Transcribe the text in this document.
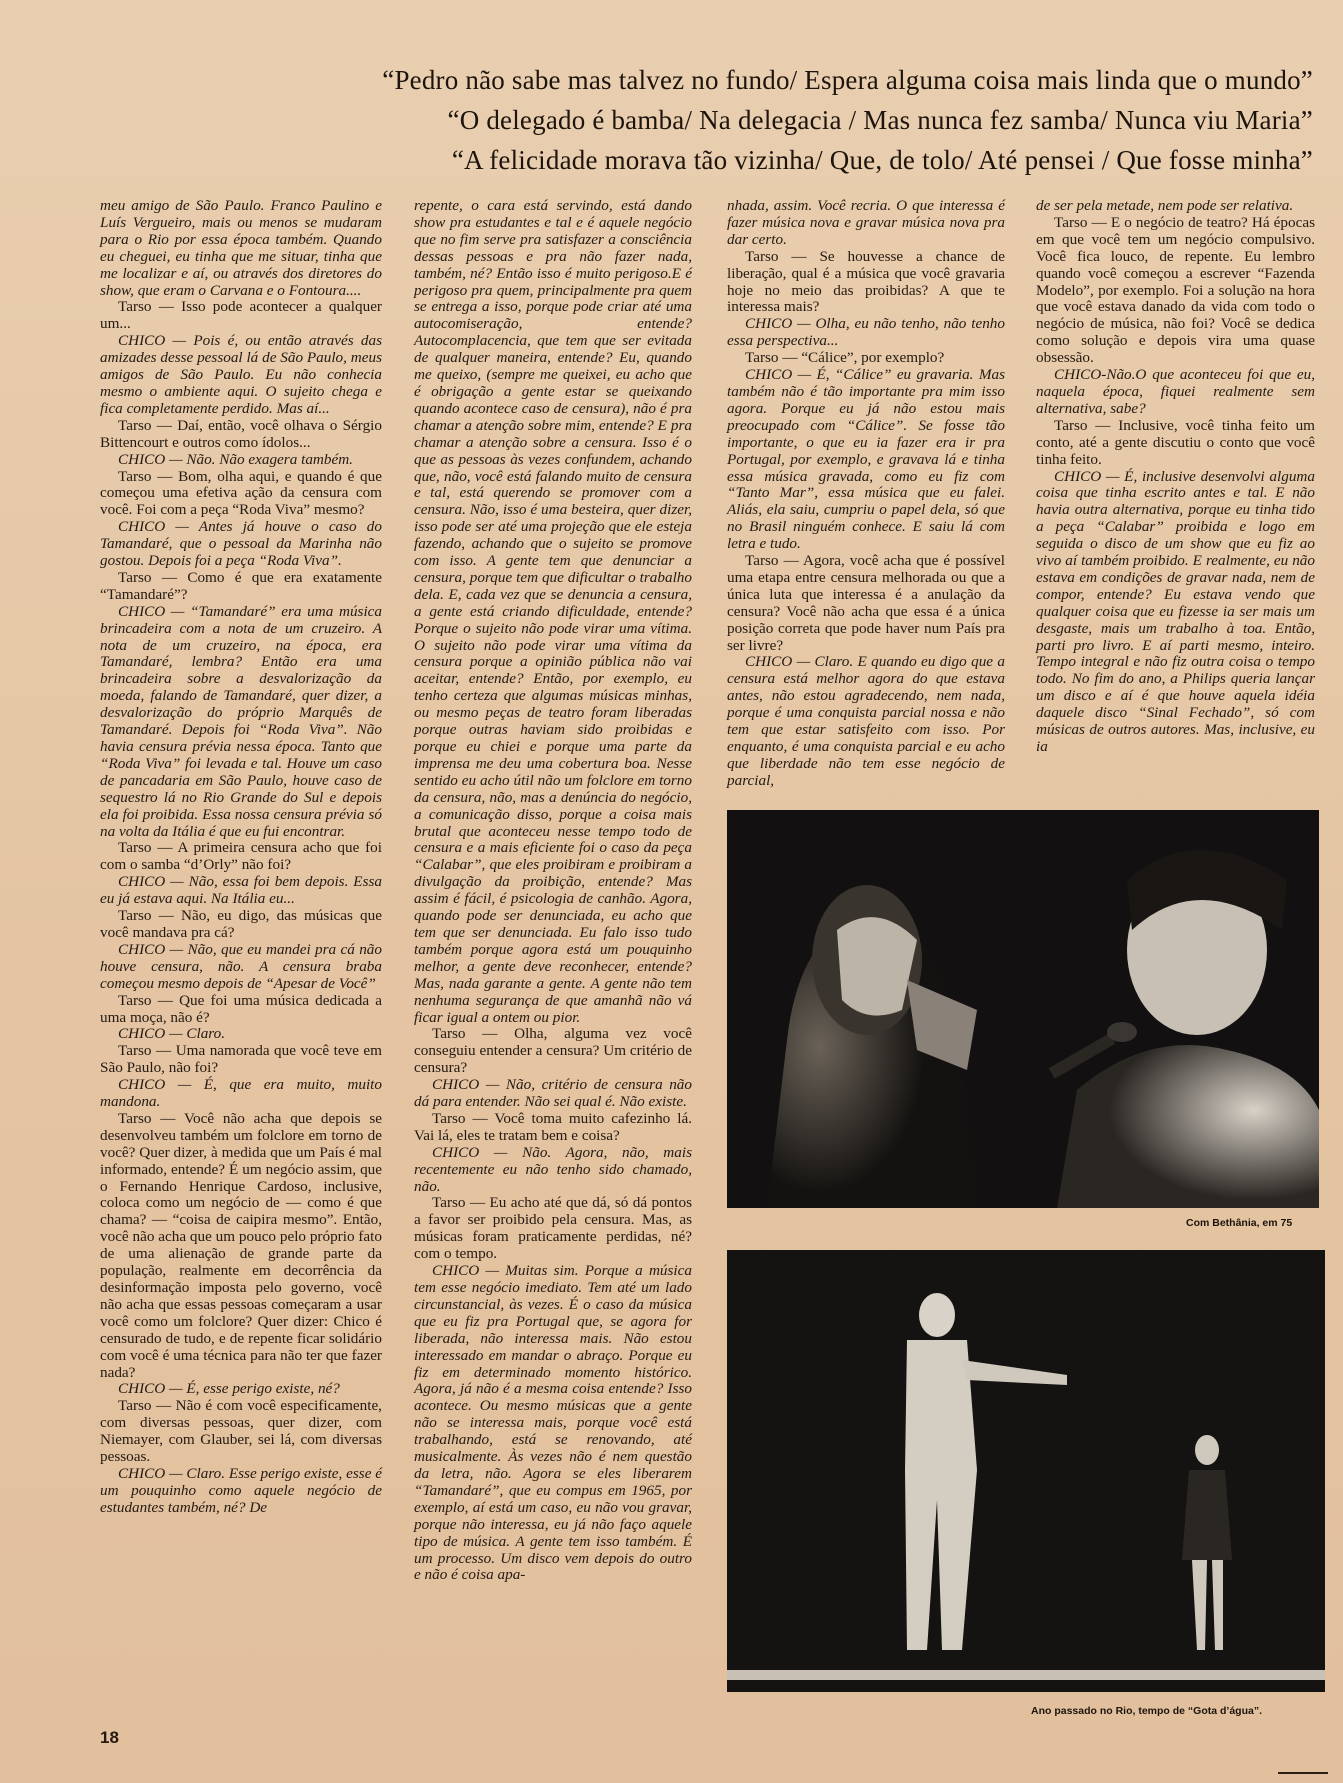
“Pedro não sabe mas talvez no fundo/ Espera alguma coisa mais linda que o mundo”
“O delegado é bamba/ Na delegacia / Mas nunca fez samba/ Nunca viu Maria”
“A felicidade morava tão vizinha/ Que, de tolo/ Até pensei / Que fosse minha”

meu amigo de São Paulo. Franco Paulino e Luís Vergueiro, mais ou menos se mudaram para o Rio por essa época também. Quando eu cheguei, eu tinha que me situar, tinha que me localizar e aí, ou através dos diretores do show, que eram o Carvana e o Fontoura....

Tarso — Isso pode acontecer a qualquer um...

CHICO — Pois é, ou então através das amizades desse pessoal lá de São Paulo, meus amigos de São Paulo. Eu não conhecia mesmo o ambiente aqui. O sujeito chega e fica completamente perdido. Mas aí...

Tarso — Daí, então, você olhava o Sérgio Bittencourt e outros como ídolos...

CHICO — Não. Não exagera também.

Tarso — Bom, olha aqui, e quando é que começou uma efetiva ação da censura com você. Foi com a peça “Roda Viva” mesmo?

CHICO — Antes já houve o caso do Tamandaré, que o pessoal da Marinha não gostou. Depois foi a peça “Roda Viva”.

Tarso — Como é que era exatamente “Tamandaré”?

CHICO — “Tamandaré” era uma música brincadeira com a nota de um cruzeiro. A nota de um cruzeiro, na época, era Tamandaré, lembra? Então era uma brincadeira sobre a desvalorização da moeda, falando de Tamandaré, quer dizer, a desvalorização do próprio Marquês de Tamandaré. Depois foi “Roda Viva”. Não havia censura prévia nessa época. Tanto que “Roda Viva” foi levada e tal. Houve um caso de pancadaria em São Paulo, houve caso de sequestro lá no Rio Grande do Sul e depois ela foi proibida. Essa nossa censura prévia só na volta da Itália é que eu fui encontrar.

Tarso — A primeira censura acho que foi com o samba “d’Orly” não foi?

CHICO — Não, essa foi bem depois. Essa eu já estava aqui. Na Itália eu...

Tarso — Não, eu digo, das músicas que você mandava pra cá?

CHICO — Não, que eu mandei pra cá não houve censura, não. A censura braba começou mesmo depois de “Apesar de Você”

Tarso — Que foi uma música dedicada a uma moça, não é?

CHICO — Claro.

Tarso — Uma namorada que você teve em São Paulo, não foi?

CHICO — É, que era muito, muito mandona.

Tarso — Você não acha que depois se desenvolveu também um folclore em torno de você? Quer dizer, à medida que um País é mal informado, entende? É um negócio assim, que o Fernando Henrique Cardoso, inclusive, coloca como um negócio de — como é que chama? — “coisa de caipira mesmo”. Então, você não acha que um pouco pelo próprio fato de uma alienação de grande parte da população, realmente em decorrência da desinformação imposta pelo governo, você não acha que essas pessoas começaram a usar você como um folclore? Quer dizer: Chico é censurado de tudo, e de repente ficar solidário com você é uma técnica para não ter que fazer nada?

CHICO — É, esse perigo existe, né?

Tarso — Não é com você especificamente, com diversas pessoas, quer dizer, com Niemayer, com Glauber, sei lá, com diversas pessoas.

CHICO — Claro. Esse perigo existe, esse é um pouquinho como aquele negócio de estudantes também, né? De

repente, o cara está servindo, está dando show pra estudantes e tal e é aquele negócio que no fim serve pra satisfazer a consciência dessas pessoas e pra não fazer nada, também, né? Então isso é muito perigoso.E é perigoso pra quem, principalmente pra quem se entrega a isso, porque pode criar até uma autocomiseração, entende? Autocomplacencia, que tem que ser evitada de qualquer maneira, entende? Eu, quando me queixo, (sempre me queixei, eu acho que é obrigação a gente estar se queixando quando acontece caso de censura), não é pra chamar a atenção sobre mim, entende? E pra chamar a atenção sobre a censura. Isso é o que as pessoas às vezes confundem, achando que, não, você está falando muito de censura e tal, está querendo se promover com a censura. Não, isso é uma besteira, quer dizer, isso pode ser até uma projeção que ele esteja fazendo, achando que o sujeito se promove com isso. A gente tem que denunciar a censura, porque tem que dificultar o trabalho dela. E, cada vez que se denuncia a censura, a gente está criando dificuldade, entende? Porque o sujeito não pode virar uma vítima. O sujeito não pode virar uma vítima da censura porque a opinião pública não vai aceitar, entende? Então, por exemplo, eu tenho certeza que algumas músicas minhas, ou mesmo peças de teatro foram liberadas porque outras haviam sido proibidas e porque eu chiei e porque uma parte da imprensa me deu uma cobertura boa. Nesse sentido eu acho útil não um folclore em torno da censura, não, mas a denúncia do negócio, a comunicação disso, porque a coisa mais brutal que aconteceu nesse tempo todo de censura e a mais eficiente foi o caso da peça “Calabar”, que eles proibiram e proibiram a divulgação da proibição, entende? Mas assim é fácil, é psicologia de canhão. Agora, quando pode ser denunciada, eu acho que tem que ser denunciada. Eu falo isso tudo também porque agora está um pouquinho melhor, a gente deve reconhecer, entende? Mas, nada garante a gente. A gente não tem nenhuma segurança de que amanhã não vá ficar igual a ontem ou pior.

Tarso — Olha, alguma vez você conseguiu entender a censura? Um critério de censura?

CHICO — Não, critério de censura não dá para entender. Não sei qual é. Não existe.

Tarso — Você toma muito cafezinho lá. Vai lá, eles te tratam bem e coisa?

CHICO — Não. Agora, não, mais recentemente eu não tenho sido chamado, não.

Tarso — Eu acho até que dá, só dá pontos a favor ser proibido pela censura. Mas, as músicas foram praticamente perdidas, né? com o tempo.

CHICO — Muitas sim. Porque a música tem esse negócio imediato. Tem até um lado circunstancial, às vezes. É o caso da música que eu fiz pra Portugal que, se agora for liberada, não interessa mais. Não estou interessado em mandar o abraço. Porque eu fiz em determinado momento histórico. Agora, já não é a mesma coisa entende? Isso acontece. Ou mesmo músicas que a gente não se interessa mais, porque você está trabalhando, está se renovando, até musicalmente. Às vezes não é nem questão da letra, não. Agora se eles liberarem “Tamandaré”, que eu compus em 1965, por exemplo, aí está um caso, eu não vou gravar, porque não interessa, eu já não faço aquele tipo de música. A gente tem isso também. É um processo. Um disco vem depois do outro e não é coisa apa-

nhada, assim. Você recria. O que interessa é fazer música nova e gravar música nova pra dar certo.

Tarso — Se houvesse a chance de liberação, qual é a música que você gravaria hoje no meio das proibidas? A que te interessa mais?

CHICO — Olha, eu não tenho, não tenho essa perspectiva...

Tarso — “Cálice”, por exemplo?

CHICO — É, “Cálice” eu gravaria. Mas também não é tão importante pra mim isso agora. Porque eu já não estou mais preocupado com “Cálice”. Se fosse tão importante, o que eu ia fazer era ir pra Portugal, por exemplo, e gravava lá e tinha essa música gravada, como eu fiz com “Tanto Mar”, essa música que eu falei. Aliás, ela saiu, cumpriu o papel dela, só que no Brasil ninguém conhece. E saiu lá com letra e tudo.

Tarso — Agora, você acha que é possível uma etapa entre censura melhorada ou que a única luta que interessa é a anulação da censura? Você não acha que essa é a única posição correta que pode haver num País pra ser livre?

CHICO — Claro. E quando eu digo que a censura está melhor agora do que estava antes, não estou agradecendo, nem nada, porque é uma conquista parcial nossa e não tem que estar satisfeito com isso. Por enquanto, é uma conquista parcial e eu acho que liberdade não tem esse negócio de parcial,

de ser pela metade, nem pode ser relativa.

Tarso — E o negócio de teatro? Há épocas em que você tem um negócio compulsivo. Você fica louco, de repente. Eu lembro quando você começou a escrever “Fazenda Modelo”, por exemplo. Foi a solução na hora que você estava danado da vida com todo o negócio de música, não foi? Você se dedica como solução e depois vira uma quase obsessão.

CHICO-Não.O que aconteceu foi que eu, naquela época, fiquei realmente sem alternativa, sabe?

Tarso — Inclusive, você tinha feito um conto, até a gente discutiu o conto que você tinha feito.

CHICO — É, inclusive desenvolvi alguma coisa que tinha escrito antes e tal. E não havia outra alternativa, porque eu tinha tido a peça “Calabar” proibida e logo em seguida o disco de um show que eu fiz ao vivo aí também proibido. E realmente, eu não estava em condições de gravar nada, nem de compor, entende? Eu estava vendo que qualquer coisa que eu fizesse ia ser mais um desgaste, mais um trabalho à toa. Então, parti pro livro. E aí parti mesmo, inteiro. Tempo integral e não fiz outra coisa o tempo todo. No fim do ano, a Philips queria lançar um disco e aí é que houve aquela idéia daquele disco “Sinal Fechado”, só com músicas de outros autores. Mas, inclusive, eu ia

Com Bethânia, em 75
Ano passado no Rio, tempo de “Gota d’água”.
18
